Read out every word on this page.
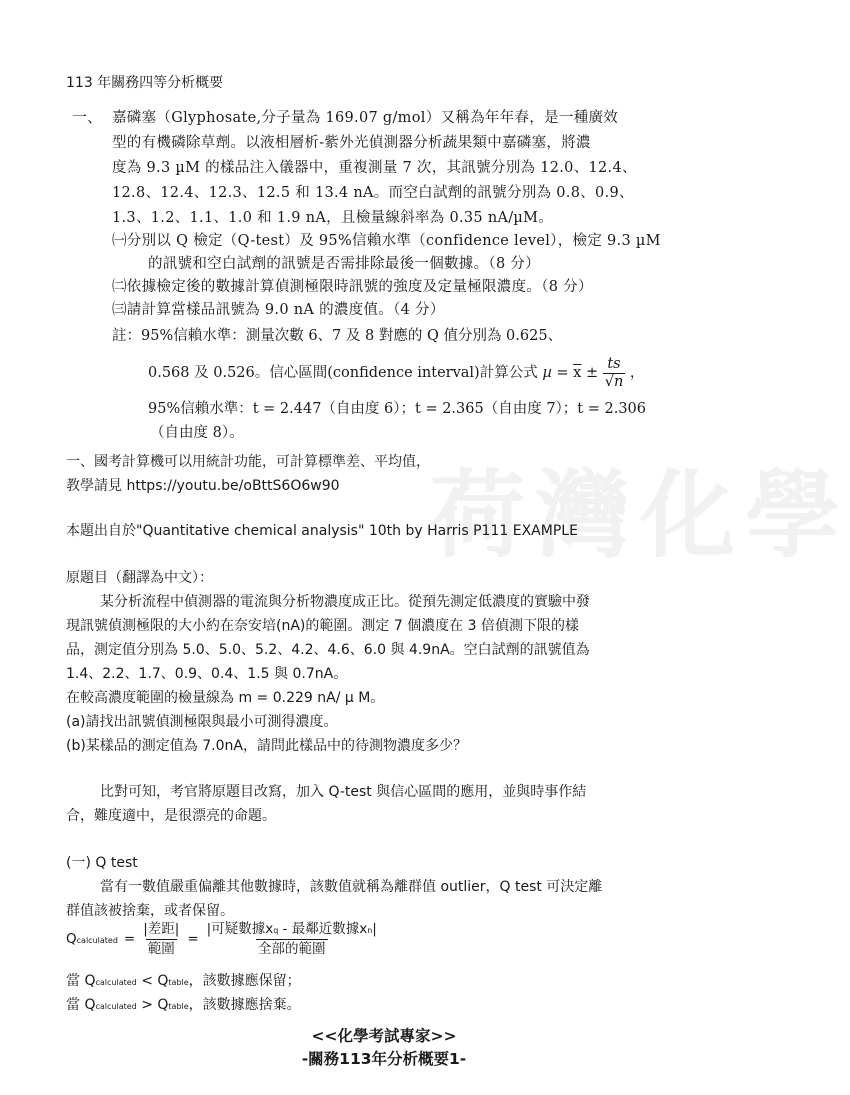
荷灣化學
113 年關務四等分析概要
一、 嘉磷塞（Glyphosate,分子量為 169.07 g/mol）又稱為年年春，是一種廣效
型的有機磷除草劑。以液相層析-紫外光偵測器分析蔬果類中嘉磷塞，將濃
度為 9.3 µM 的樣品注入儀器中，重複測量 7 次，其訊號分別為 12.0、12.4、
12.8、12.4、12.3、12.5 和 13.4 nA。而空白試劑的訊號分別為 0.8、0.9、
1.3、1.2、1.1、1.0 和 1.9 nA，且檢量線斜率為 0.35 nA/µM。
㈠分別以 Q 檢定（Q-test）及 95%信賴水準（confidence level），檢定 9.3 µM
的訊號和空白試劑的訊號是否需排除最後一個數據。（8 分）
㈡依據檢定後的數據計算偵測極限時訊號的強度及定量極限濃度。（8 分）
㈢請計算當樣品訊號為 9.0 nA 的濃度值。（4 分）
註：95%信賴水準：測量次數 6、7 及 8 對應的 Q 值分別為 0.625、
0.568 及 0.526。信心區間(confidence interval)計算公式 $\mu = \overline{x} \pm \frac{ts}{√n}$ ，
95%信賴水準：t = 2.447（自由度 6）；t = 2.365（自由度 7）；t = 2.306
（自由度 8）。
一、國考計算機可以用統計功能，可計算標準差、平均值，
教學請見 https://youtu.be/oBttS6O6w90
本題出自於"Quantitative chemical analysis" 10th by Harris P111 EXAMPLE
原題目（翻譯為中文）：
某分析流程中偵測器的電流與分析物濃度成正比。從預先測定低濃度的實驗中發
現訊號偵測極限的大小約在奈安培(nA)的範圍。測定 7 個濃度在 3 倍偵測下限的樣
品，測定值分別為 5.0、5.0、5.2、4.2、4.6、6.0 與 4.9nA。空白試劑的訊號值為
1.4、2.2、1.7、0.9、0.4、1.5 與 0.7nA。
在較高濃度範圍的檢量線為 m = 0.229 nA/ µ M。
(a)請找出訊號偵測極限與最小可測得濃度。
(b)某樣品的測定值為 7.0nA，請問此樣品中的待測物濃度多少？
比對可知，考官將原題目改寫，加入 Q-test 與信心區間的應用，並與時事作結
合，難度適中，是很漂亮的命題。
(一) Q test
當有一數值嚴重偏離其他數據時，該數值就稱為離群值 outlier，Q test 可決定離
群值該被捨棄，或者保留。
Qcalculated = $\frac{\text{|差距|}}{\text{範圍}} = \frac{\text{|可疑數據xq - 最鄰近數據xn|}}{\text{全部的範圍}}$
當 Qcalculated < Qtable，該數據應保留；
當 Qcalculated > Qtable，該數據應捨棄。
<<化學考試專家>>
-關務113年分析概要1-
